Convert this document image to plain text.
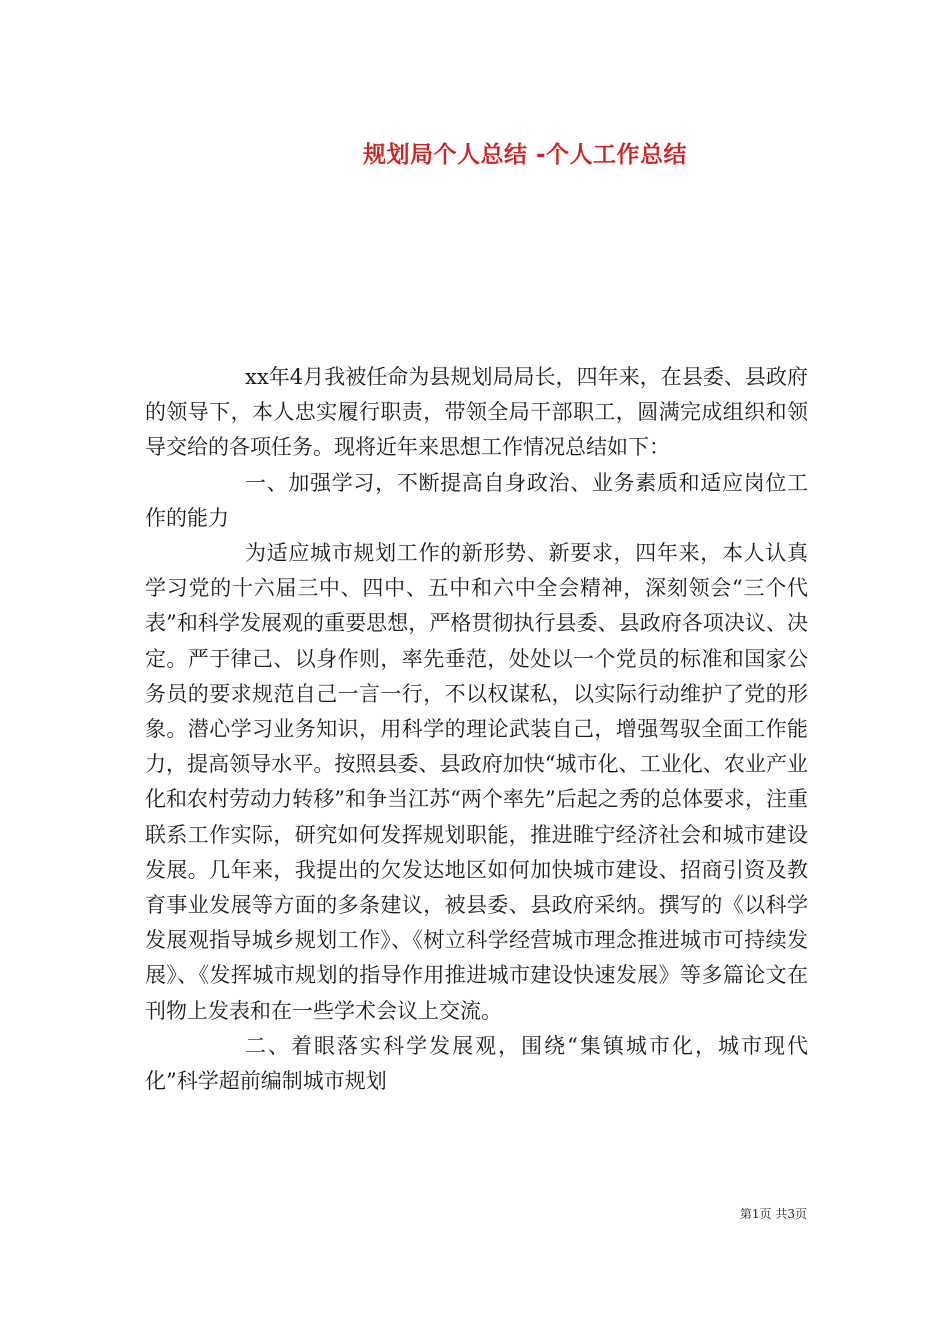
规划局个人总结 -个人工作总结

xx年4月我被任命为县规划局局长，四年来，在县委、县政府的领导下，本人忠实履行职责，带领全局干部职工，圆满完成组织和领导交给的各项任务。现将近年来思想工作情况总结如下：

一、加强学习，不断提高自身政治、业务素质和适应岗位工作的能力

为适应城市规划工作的新形势、新要求，四年来，本人认真学习党的十六届三中、四中、五中和六中全会精神，深刻领会“三个代表”和科学发展观的重要思想，严格贯彻执行县委、县政府各项决议、决定。严于律己、以身作则，率先垂范，处处以一个党员的标准和国家公务员的要求规范自己一言一行，不以权谋私，以实际行动维护了党的形象。潜心学习业务知识，用科学的理论武装自己，增强驾驭全面工作能力，提高领导水平。按照县委、县政府加快“城市化、工业化、农业产业化和农村劳动力转移”和争当江苏“两个率先”后起之秀的总体要求，注重联系工作实际，研究如何发挥规划职能，推进睢宁经济社会和城市建设发展。几年来，我提出的欠发达地区如何加快城市建设、招商引资及教育事业发展等方面的多条建议，被县委、县政府采纳。撰写的《以科学发展观指导城乡规划工作》、《树立科学经营城市理念推进城市可持续发展》、《发挥城市规划的指导作用推进城市建设快速发展》等多篇论文在刊物上发表和在一些学术会议上交流。

二、着眼落实科学发展观，围绕“集镇城市化，城市现代化”科学超前编制城市规划

第1页 共3页
